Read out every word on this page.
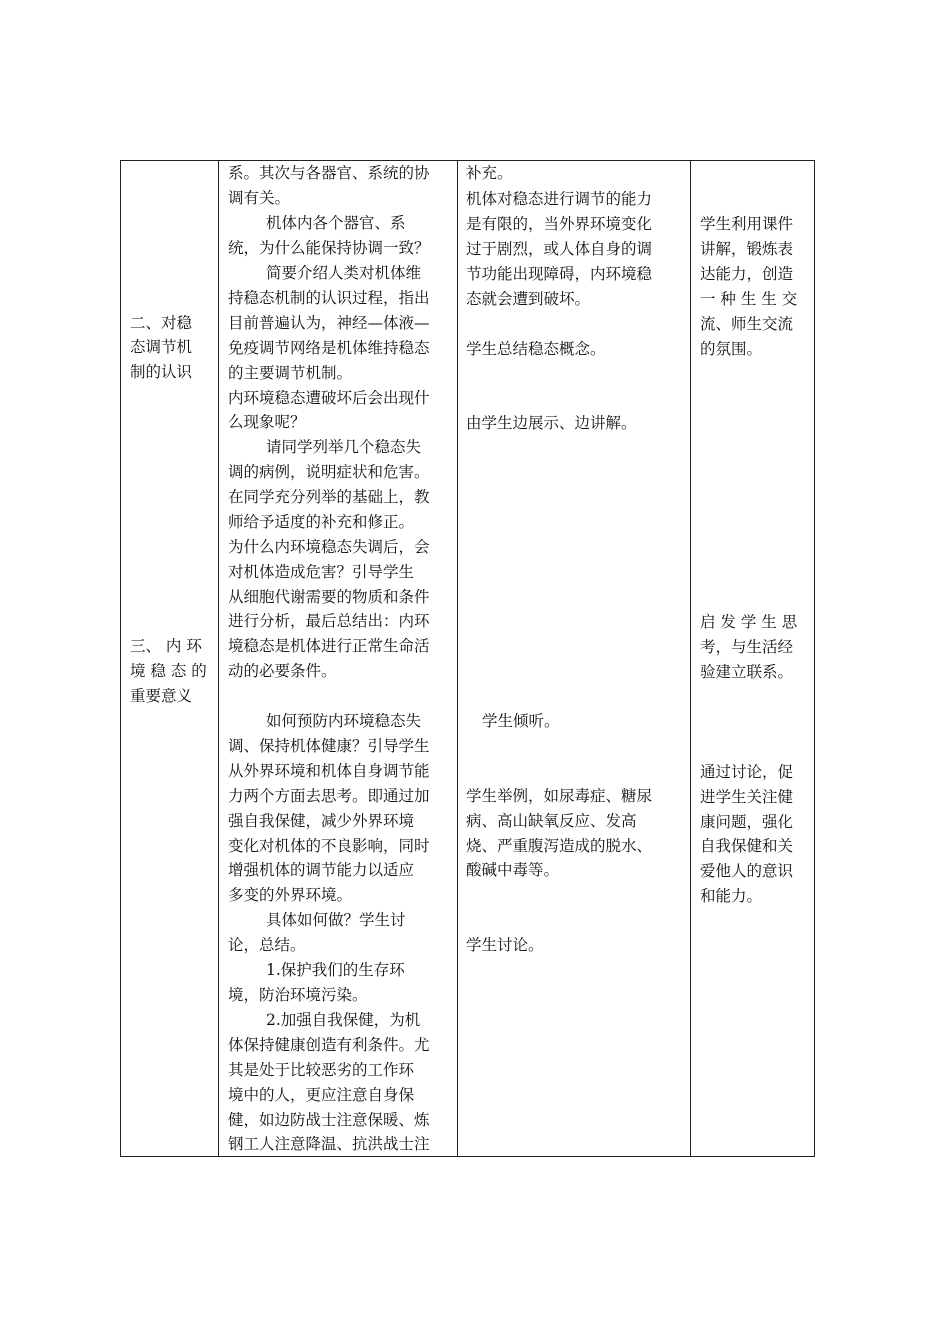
二、对稳
态调节机
制的认识
三、 内 环
境 稳 态 的
重要意义
系。其次与各器官、系统的协
调有关。
机体内各个器官、系
统，为什么能保持协调一致？
简要介绍人类对机体维
持稳态机制的认识过程，指出
目前普遍认为，神经—体液—
免疫调节网络是机体维持稳态
的主要调节机制。
内环境稳态遭破坏后会出现什
么现象呢？
请同学列举几个稳态失
调的病例，说明症状和危害。
在同学充分列举的基础上，教
师给予适度的补充和修正。
为什么内环境稳态失调后，会
对机体造成危害？引导学生
从细胞代谢需要的物质和条件
进行分析，最后总结出：内环
境稳态是机体进行正常生命活
动的必要条件。
如何预防内环境稳态失
调、保持机体健康？引导学生
从外界环境和机体自身调节能
力两个方面去思考。即通过加
强自我保健，减少外界环境
变化对机体的不良影响，同时
增强机体的调节能力以适应
多变的外界环境。
具体如何做？学生讨
论，总结。
1.保护我们的生存环
境，防治环境污染。
2.加强自我保健，为机
体保持健康创造有利条件。尤
其是处于比较恶劣的工作环
境中的人，更应注意自身保
健，如边防战士注意保暖、炼
钢工人注意降温、抗洪战士注
补充。
机体对稳态进行调节的能力
是有限的，当外界环境变化
过于剧烈，或人体自身的调
节功能出现障碍，内环境稳
态就会遭到破坏。
学生总结稳态概念。
由学生边展示、边讲解。
学生倾听。
学生举例，如尿毒症、糖尿
病、高山缺氧反应、发高
烧、严重腹泻造成的脱水、
酸碱中毒等。
学生讨论。
学生利用课件
讲解，锻炼表
达能力，创造
一 种 生 生 交
流、师生交流
的氛围。
启 发 学 生 思
考，与生活经
验建立联系。
通过讨论，促
进学生关注健
康问题，强化
自我保健和关
爱他人的意识
和能力。
